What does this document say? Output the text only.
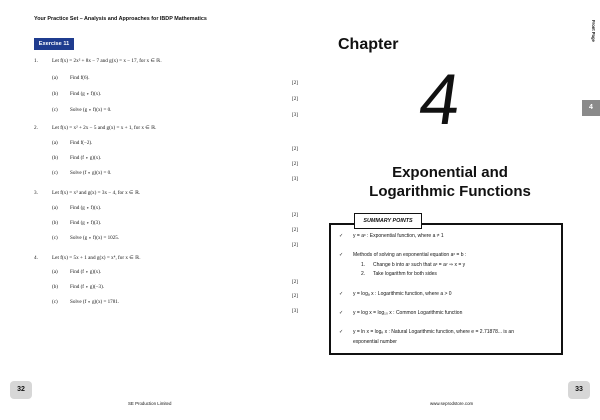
Your Practice Set – Analysis and Approaches for IBDP Mathematics
Exercise 11
1.	Let f(x) = 2x² + 8x − 7 and g(x) = x − 17, for x ∈ ℝ.
(a) Find f(6).
(b) Find (g ∘ f)(x).
(c) Solve (g ∘ f)(x) = 0.
[2]
[2]
[3]
2.	Let f(x) = x² + 2x − 5 and g(x) = x + 1, for x ∈ ℝ.
(a) Find f(−2).
(b) Find (f ∘ g)(x).
(c) Solve (f ∘ g)(x) = 0.
[2]
[2]
[3]
3.	Let f(x) = x³ and g(x) = 3x − 4, for x ∈ ℝ.
(a) Find (g ∘ f)(x).
(b) Find (g ∘ f)(3).
(c) Solve (g ∘ f)(x) = 1025.
[2]
[2]
[2]
4.	Let f(x) = 5x + 1 and g(x) = x⁴, for x ∈ ℝ.
(a) Find (f ∘ g)(x).
(b) Find (f ∘ g)(−3).
(c) Solve (f ∘ g)(x) = 1781.
[2]
[2]
[3]
32
SE Production Limited
Front Page
Chapter
4	4
Exponential and
Logarithmic Functions
✓ y = aˣ : Exponential function, where a ≠ 1
✓ Methods of solving an exponential equation aˣ = b :
1. Change b into aʸ such that aˣ = aʸ ⇒ x = y
2. Take logarithm for both sides
✓ y = logₐ x : Logarithmic function, where a > 0
✓ y = log x = log₁₀ x : Common Logarithmic function
✓ y = ln x = logₑ x : Natural Logarithmic function, where e = 2.71878... is an
exponential number
SUMMARY POINTS
33
www.seprodstore.com
